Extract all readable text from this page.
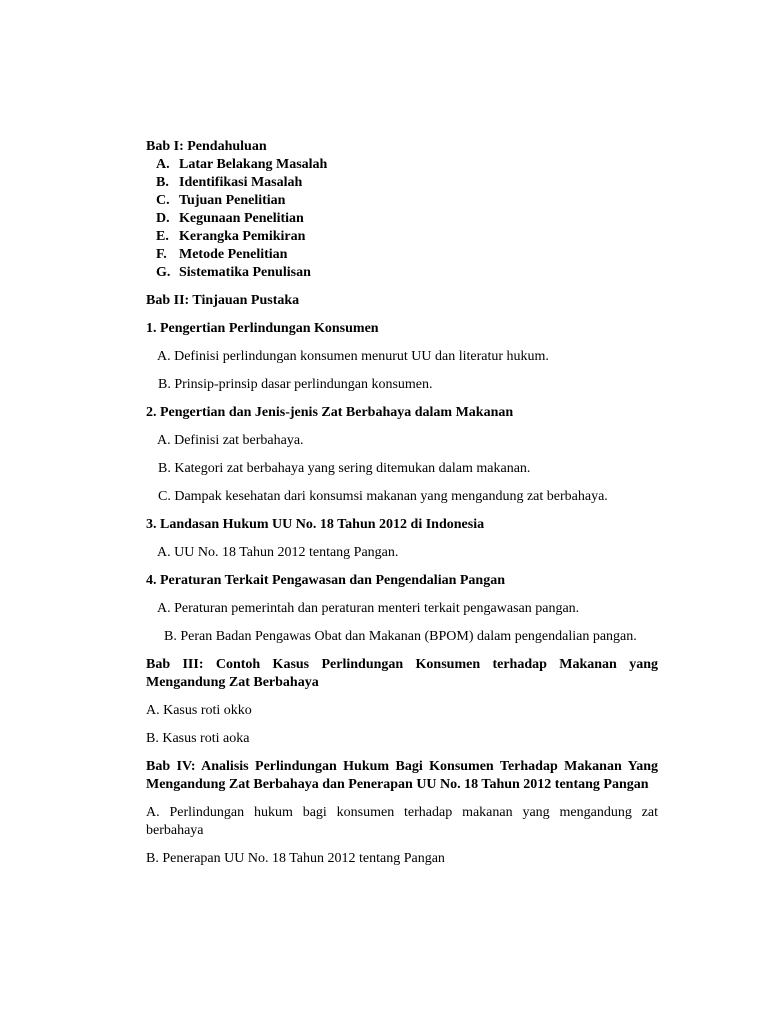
Bab I: Pendahuluan

A. Latar Belakang Masalah
B. Identifikasi Masalah
C. Tujuan Penelitian
D. Kegunaan Penelitian
E. Kerangka Pemikiran
F. Metode Penelitian
G. Sistematika Penulisan

Bab II: Tinjauan Pustaka

1. Pengertian Perlindungan Konsumen

A. Definisi perlindungan konsumen menurut UU dan literatur hukum.

B. Prinsip-prinsip dasar perlindungan konsumen.

2. Pengertian dan Jenis-jenis Zat Berbahaya dalam Makanan

A. Definisi zat berbahaya.

B. Kategori zat berbahaya yang sering ditemukan dalam makanan.

C. Dampak kesehatan dari konsumsi makanan yang mengandung zat berbahaya.

3. Landasan Hukum UU No. 18 Tahun 2012 di Indonesia

A. UU No. 18 Tahun 2012 tentang Pangan.

4. Peraturan Terkait Pengawasan dan Pengendalian Pangan

A. Peraturan pemerintah dan peraturan menteri terkait pengawasan pangan.

B. Peran Badan Pengawas Obat dan Makanan (BPOM) dalam pengendalian pangan.

Bab III: Contoh Kasus Perlindungan Konsumen terhadap Makanan yang Mengandung Zat Berbahaya

A. Kasus roti okko

B. Kasus roti aoka

Bab IV: Analisis Perlindungan Hukum Bagi Konsumen Terhadap Makanan Yang Mengandung Zat Berbahaya dan Penerapan UU No. 18 Tahun 2012 tentang Pangan

A. Perlindungan hukum bagi konsumen terhadap makanan yang mengandung zat berbahaya

B. Penerapan UU No. 18 Tahun 2012 tentang Pangan
